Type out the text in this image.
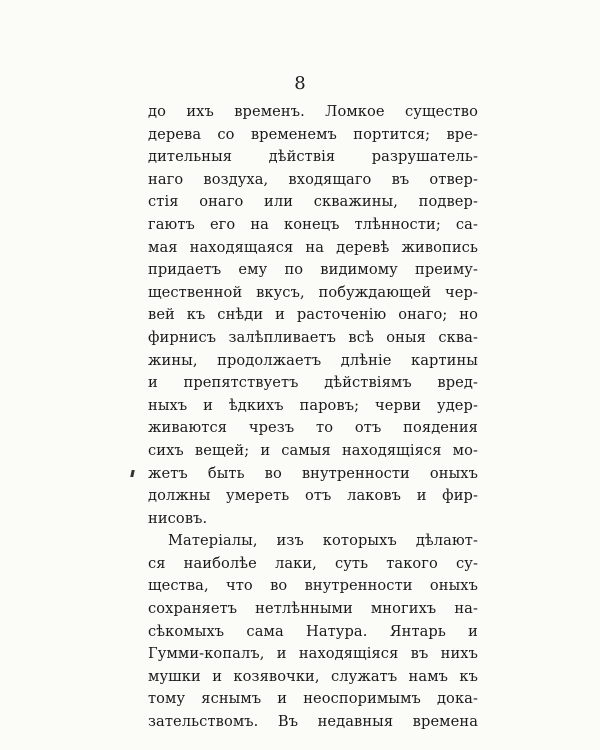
8
до ихъ временъ. Ломкое существо
дерева со временемъ портится; вре-
дительныя дѣйствія разрушатель-
наго воздуха, входящаго въ отвер-
стія онаго или скважины, подвер-
гаютъ его на конецъ тлѣнности; са-
мая находящаяся на деревѣ живопись
придаетъ ему по видимому преиму-
щественной вкусъ, побуждающей чер-
вей къ снѣди и расточенію онаго; но
фирнисъ залѣпливаетъ всѣ оныя сква-
жины, продолжаетъ длѣнiе картины
и препятствуетъ дѣйствіямъ вред-
ныхъ и ѣдкихъ паровъ; черви удер-
живаются чрезъ то отъ поядения
сихъ вещей; и самыя находящіяся мо-
жетъ быть во внутренности оныхъ
должны умереть отъ лаковъ и фир-
нисовъ.
Матеріалы, изъ которыхъ дѣлают-
ся наиболѣе лаки, суть такого су-
щества, что во внутренности оныхъ
сохраняетъ нетлѣнными многихъ на-
сѣкомыхъ сама Натура. Янтарь и
Гумми-копалъ, и находящіяся въ нихъ
мушки и козявочки, служатъ намъ къ
тому яснымъ и неоспоримымъ дока-
зательствомъ. Въ недавныя времена
